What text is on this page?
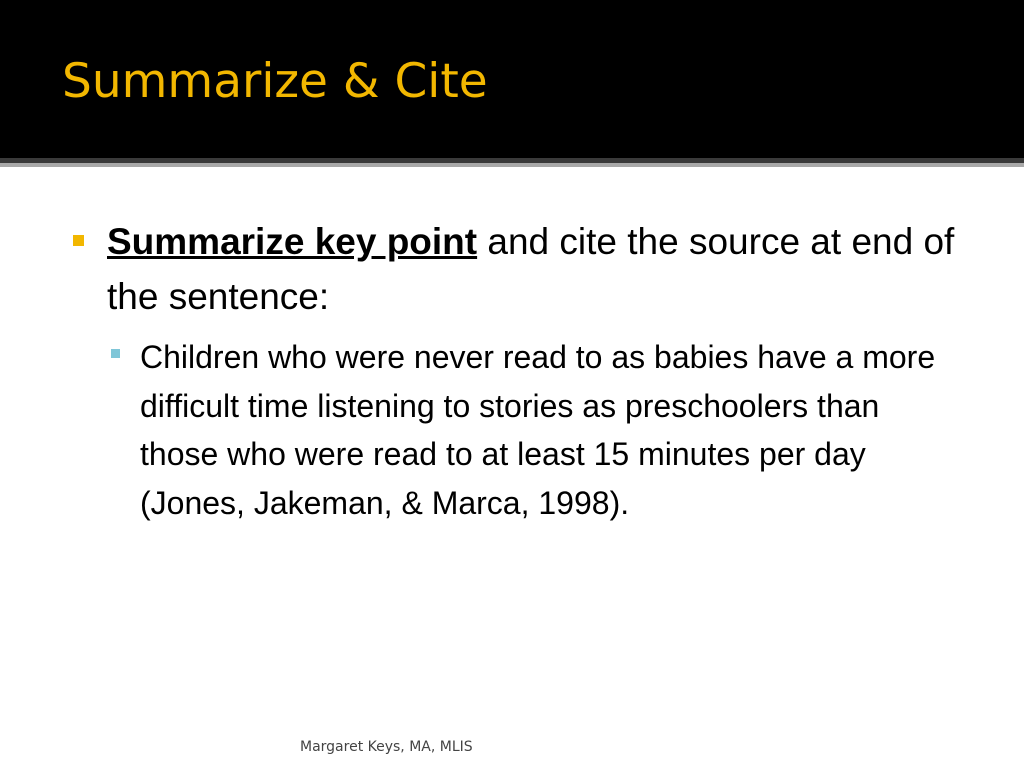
Summarize & Cite
Summarize key point and cite the source at end of the sentence:
Children who were never read to as babies have a more difficult time listening to stories as preschoolers than those who were read to at least 15 minutes per day (Jones, Jakeman, & Marca, 1998).
Margaret Keys, MA, MLIS
